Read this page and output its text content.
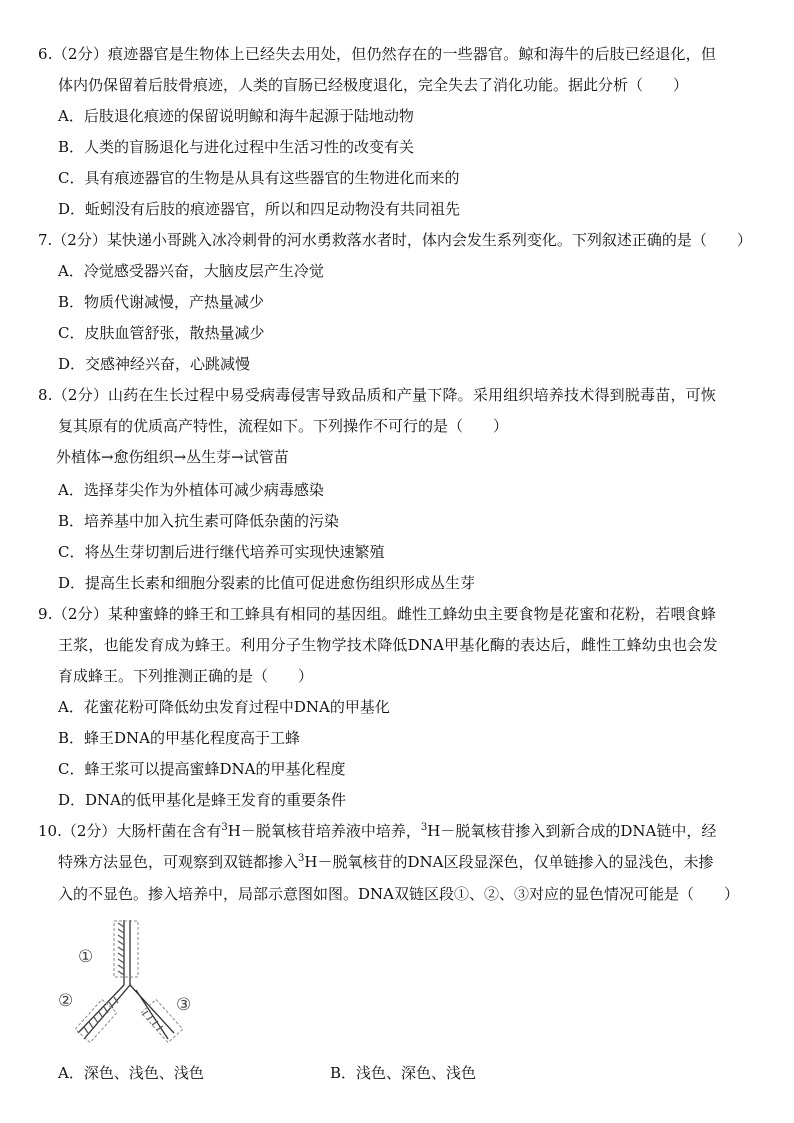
6.（2分）痕迹器官是生物体上已经失去用处，但仍然存在的一些器官。鲸和海牛的后肢已经退化，但
体内仍保留着后肢骨痕迹，人类的盲肠已经极度退化，完全失去了消化功能。据此分析（　　）
A．后肢退化痕迹的保留说明鲸和海牛起源于陆地动物
B．人类的盲肠退化与进化过程中生活习性的改变有关
C．具有痕迹器官的生物是从具有这些器官的生物进化而来的
D．蚯蚓没有后肢的痕迹器官，所以和四足动物没有共同祖先
7.（2分）某快递小哥跳入冰冷刺骨的河水勇救落水者时，体内会发生系列变化。下列叙述正确的是（　　）
A．冷觉感受器兴奋，大脑皮层产生冷觉
B．物质代谢减慢，产热量减少
C．皮肤血管舒张，散热量减少
D．交感神经兴奋，心跳减慢
8.（2分）山药在生长过程中易受病毒侵害导致品质和产量下降。采用组织培养技术得到脱毒苗，可恢
复其原有的优质高产特性，流程如下。下列操作不可行的是（　　）
外植体→愈伤组织→丛生芽→试管苗
A．选择芽尖作为外植体可减少病毒感染
B．培养基中加入抗生素可降低杂菌的污染
C．将丛生芽切割后进行继代培养可实现快速繁殖
D．提高生长素和细胞分裂素的比值可促进愈伤组织形成丛生芽
9.（2分）某种蜜蜂的蜂王和工蜂具有相同的基因组。雌性工蜂幼虫主要食物是花蜜和花粉，若喂食蜂
王浆，也能发育成为蜂王。利用分子生物学技术降低DNA甲基化酶的表达后，雌性工蜂幼虫也会发
育成蜂王。下列推测正确的是（　　）
A．花蜜花粉可降低幼虫发育过程中DNA的甲基化
B．蜂王DNA的甲基化程度高于工蜂
C．蜂王浆可以提高蜜蜂DNA的甲基化程度
D．DNA的低甲基化是蜂王发育的重要条件
10.（2分）大肠杆菌在含有$^3$H－脱氧核苷培养液中培养，$^3$H－脱氧核苷掺入到新合成的DNA链中，经
特殊方法显色，可观察到双链都掺入$^3$H－脱氧核苷的DNA区段显深色，仅单链掺入的显浅色，未掺
入的不显色。掺入培养中，局部示意图如图。DNA双链区段①、②、③对应的显色情况可能是（　　）
①
②	③
A．深色、浅色、浅色	B．浅色、深色、浅色
